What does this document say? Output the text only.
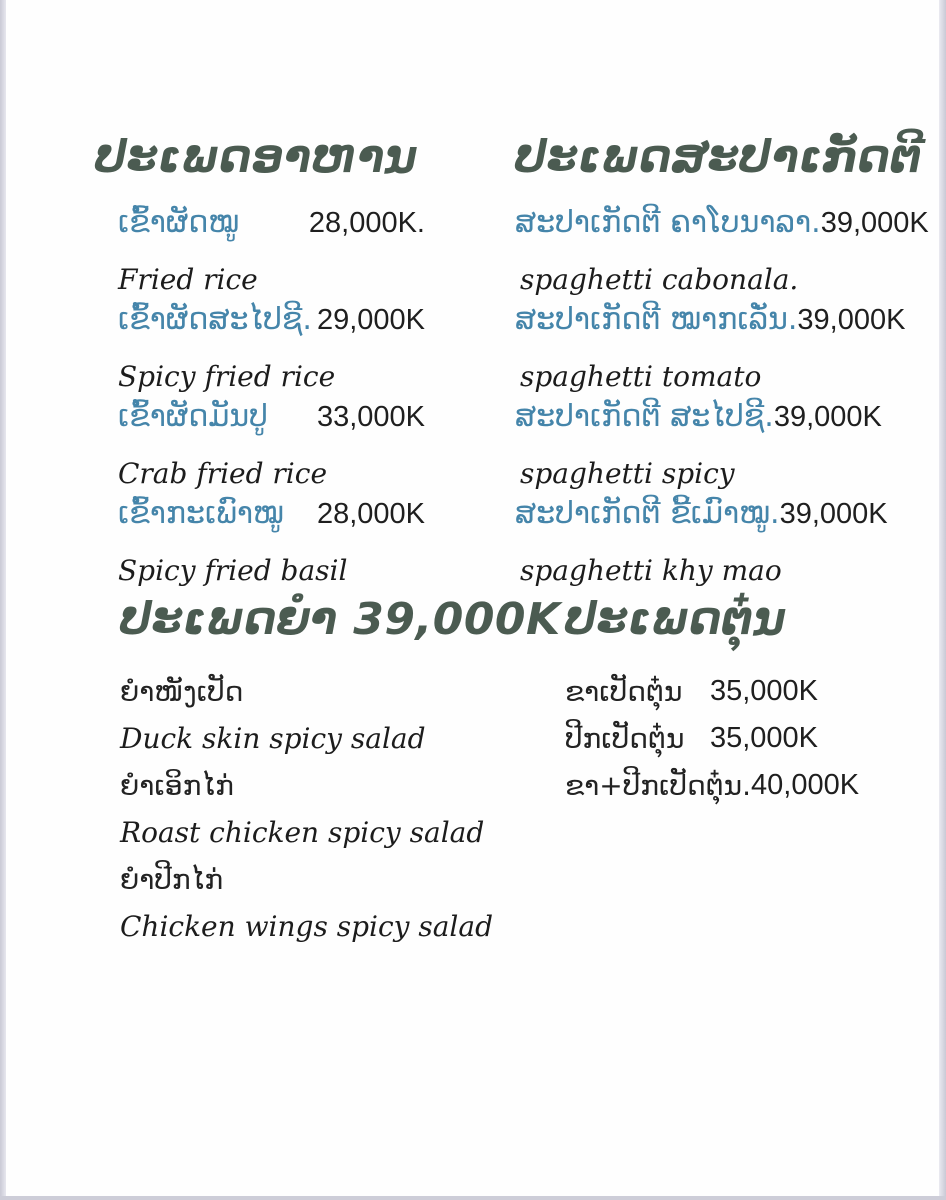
ປະເພດອາຫານ
ເຂົ້າຜັດໝູ 28,000K.
Fried rice
ເຂົ້າຜັດສະໄປຊີ. 29,000K
Spicy fried rice
ເຂົ້າຜັດມັນປູ 33,000K
Crab fried rice
ເຂົ້າກະເພົາໝູ 28,000K
Spicy fried basil
ປະເພດສະປາເກັດຕີ
ສະປາເກັດຕີ ຄາໂບນາລາ. 39,000K
spaghetti cabonala.
ສະປາເກັດຕີ ໝາກເລັ່ນ. 39,000K
spaghetti tomato
ສະປາເກັດຕີ ສະໄປຊີ. 39,000K
spaghetti spicy
ສະປາເກັດຕີ ຂີ້ເມົາໝູ. 39,000K
spaghetti khy mao
ປະເພດຍຳ 39,000K
ຍຳໜັງເປັດ
Duck skin spicy salad
ຍຳເອິກໄກ່
Roast chicken spicy salad
ຍຳປີກໄກ່
Chicken wings spicy salad
ປະເພດຕຸ໋ນ
ຂາເປັດຕຸ໋ນ 35,000K
ປີກເປັດຕຸ໋ນ 35,000K
ຂາ+ປີກເປັດຕຸ໋ນ. 40,000K
